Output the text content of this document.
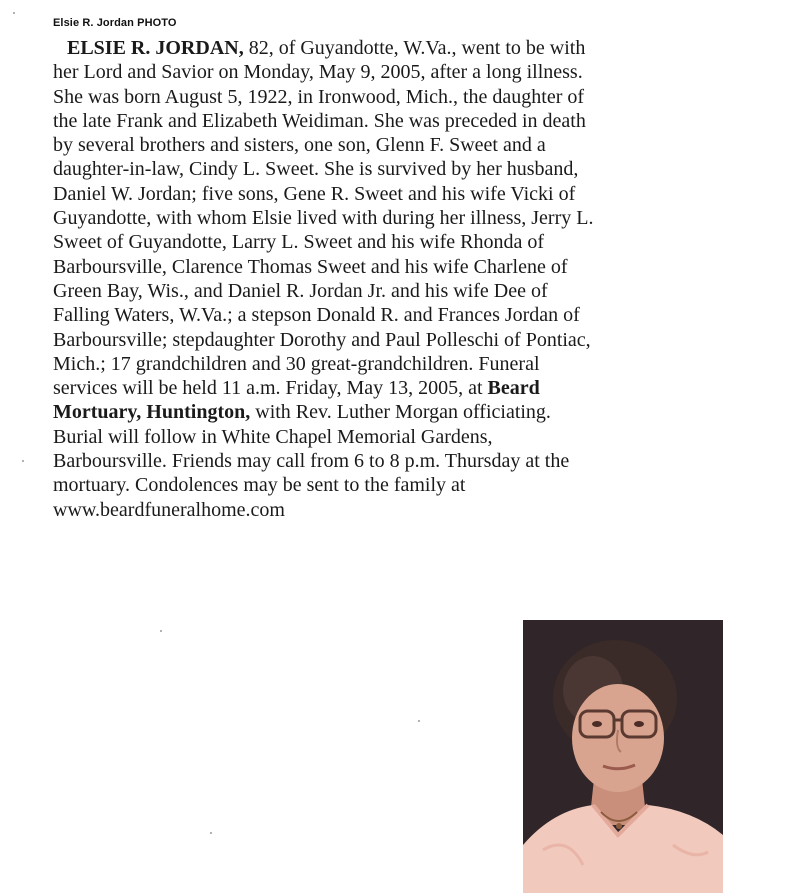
Elsie R. Jordan PHOTO
ELSIE R. JORDAN, 82, of Guyandotte, W.Va., went to be with
her Lord and Savior on Monday, May 9, 2005, after a long illness.
She was born August 5, 1922, in Ironwood, Mich., the daughter of
the late Frank and Elizabeth Weidiman. She was preceded in death
by several brothers and sisters, one son, Glenn F. Sweet and a
daughter-in-law, Cindy L. Sweet. She is survived by her husband,
Daniel W. Jordan; five sons, Gene R. Sweet and his wife Vicki of
Guyandotte, with whom Elsie lived with during her illness, Jerry L.
Sweet of Guyandotte, Larry L. Sweet and his wife Rhonda of
Barboursville, Clarence Thomas Sweet and his wife Charlene of
Green Bay, Wis., and Daniel R. Jordan Jr. and his wife Dee of
Falling Waters, W.Va.; a stepson Donald R. and Frances Jordan of
Barboursville; stepdaughter Dorothy and Paul Polleschi of Pontiac,
Mich.; 17 grandchildren and 30 great-grandchildren. Funeral
services will be held 11 a.m. Friday, May 13, 2005, at Beard
Mortuary, Huntington, with Rev. Luther Morgan officiating.
Burial will follow in White Chapel Memorial Gardens,
Barboursville. Friends may call from 6 to 8 p.m. Thursday at the
mortuary. Condolences may be sent to the family at
www.beardfuneralhome.com
